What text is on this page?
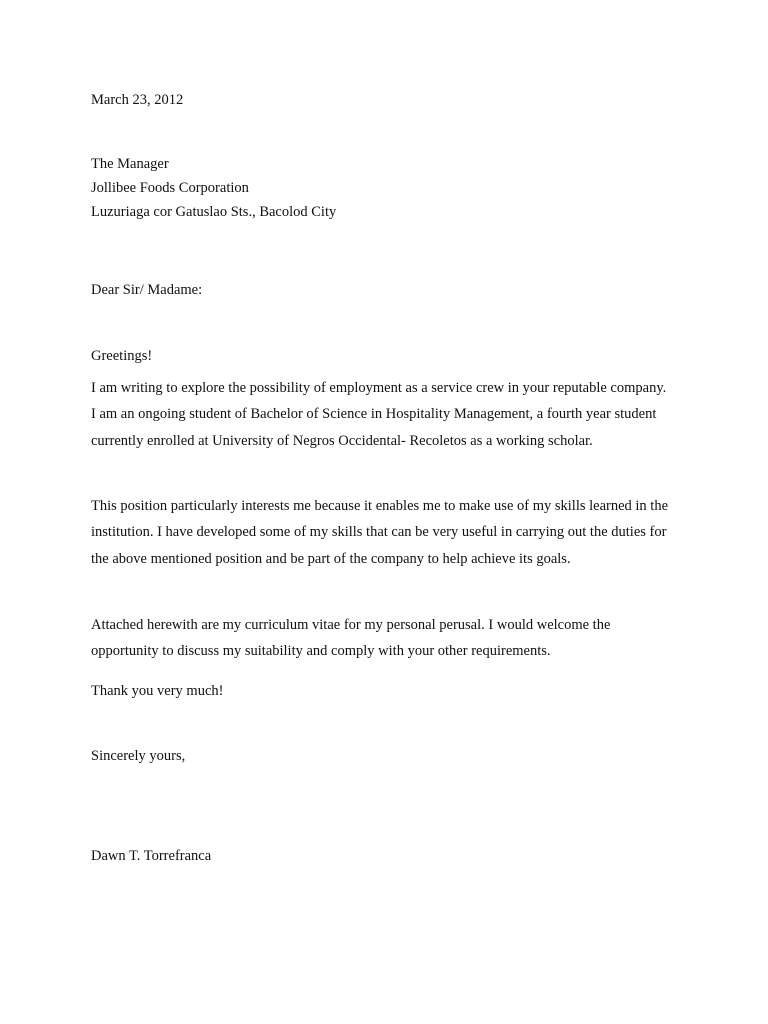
March 23, 2012
The Manager
Jollibee Foods Corporation
Luzuriaga cor Gatuslao Sts., Bacolod City
Dear Sir/ Madame:
Greetings!
I am writing to explore the possibility of employment as a service crew in your reputable company. I am an ongoing student of Bachelor of Science in Hospitality Management, a fourth year student currently enrolled at University of Negros Occidental- Recoletos as a working scholar.
This position particularly interests me because it enables me to make use of my skills learned in the institution. I have developed some of my skills that can be very useful in carrying out the duties for the above mentioned position and be part of the company to help achieve its goals.
Attached herewith are my curriculum vitae for my personal perusal. I would welcome the opportunity to discuss my suitability and comply with your other requirements.
Thank you very much!
Sincerely yours,
Dawn T. Torrefranca
